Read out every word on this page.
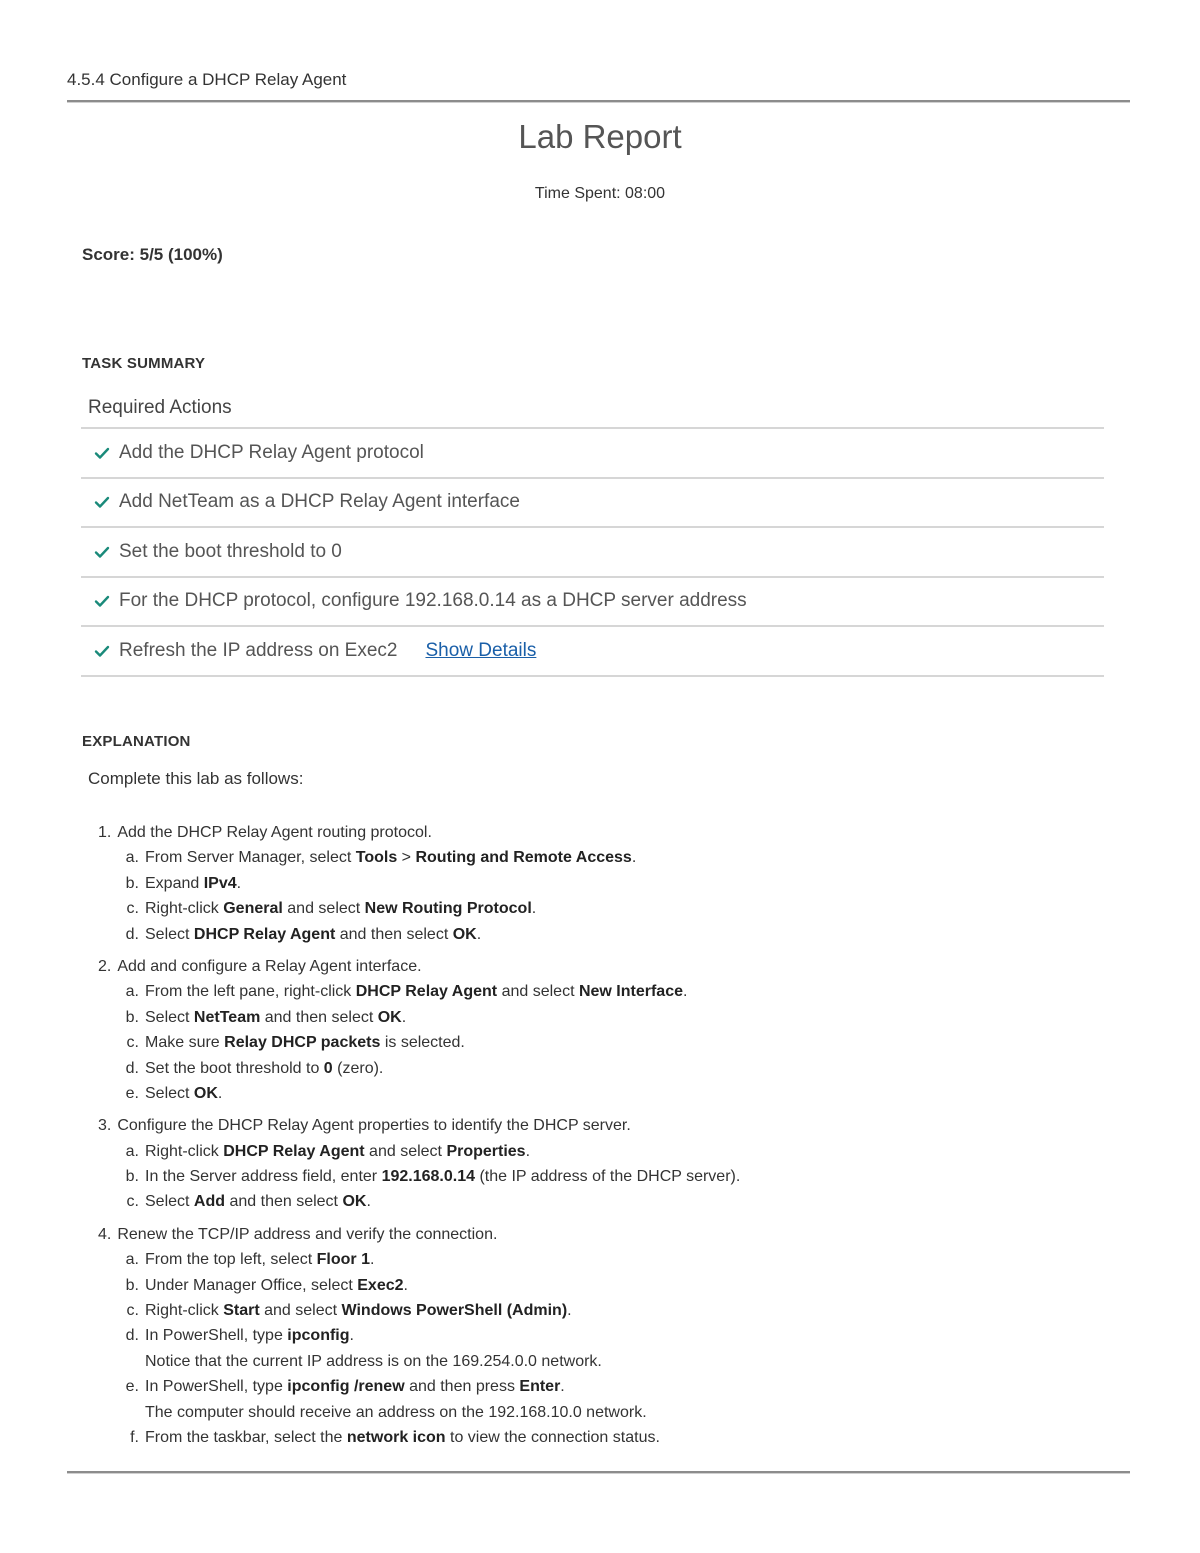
4.5.4 Configure a DHCP Relay Agent
Lab Report
Time Spent: 08:00
Score: 5/5 (100%)
TASK SUMMARY
Required Actions
Add the DHCP Relay Agent protocol
Add NetTeam as a DHCP Relay Agent interface
Set the boot threshold to 0
For the DHCP protocol, configure 192.168.0.14 as a DHCP server address
Refresh the IP address on Exec2 Show Details
EXPLANATION
Complete this lab as follows:
1. Add the DHCP Relay Agent routing protocol.
a. From Server Manager, select Tools > Routing and Remote Access.
b. Expand IPv4.
c. Right-click General and select New Routing Protocol.
d. Select DHCP Relay Agent and then select OK.
2. Add and configure a Relay Agent interface.
a. From the left pane, right-click DHCP Relay Agent and select New Interface.
b. Select NetTeam and then select OK.
c. Make sure Relay DHCP packets is selected.
d. Set the boot threshold to 0 (zero).
e. Select OK.
3. Configure the DHCP Relay Agent properties to identify the DHCP server.
a. Right-click DHCP Relay Agent and select Properties.
b. In the Server address field, enter 192.168.0.14 (the IP address of the DHCP server).
c. Select Add and then select OK.
4. Renew the TCP/IP address and verify the connection.
a. From the top left, select Floor 1.
b. Under Manager Office, select Exec2.
c. Right-click Start and select Windows PowerShell (Admin).
d. In PowerShell, type ipconfig.
Notice that the current IP address is on the 169.254.0.0 network.
e. In PowerShell, type ipconfig /renew and then press Enter.
The computer should receive an address on the 192.168.10.0 network.
f. From the taskbar, select the network icon to view the connection status.
